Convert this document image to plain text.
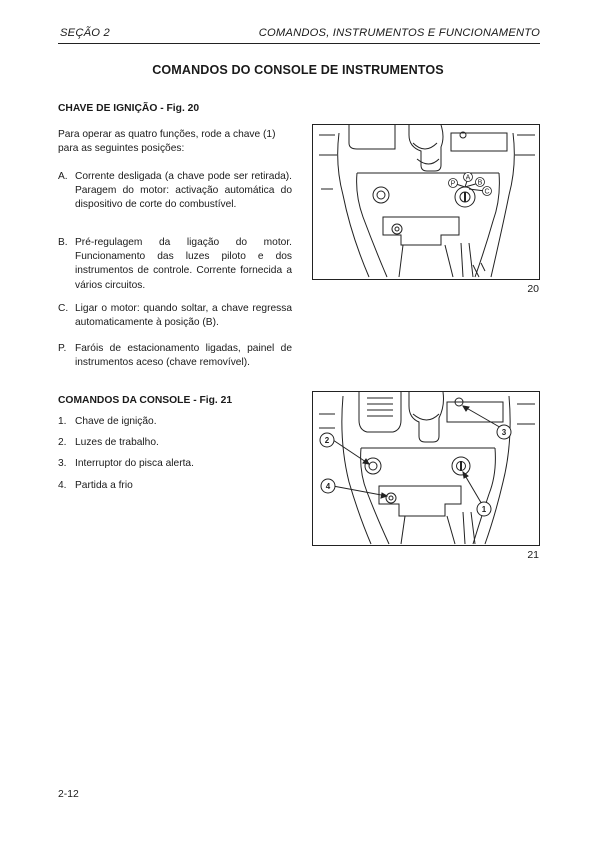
SEÇÃO 2	COMANDOS, INSTRUMENTOS E FUNCIONAMENTO
COMANDOS DO CONSOLE DE INSTRUMENTOS
CHAVE DE IGNIÇÃO - Fig. 20
Para operar as quatro funções, rode a chave (1) para as seguintes posições:
A. Corrente desligada (a chave pode ser retirada). Paragem do motor: activação automática do dispositivo de corte do combustível.
B. Pré-regulagem da ligação do motor. Funcionamento das luzes piloto e dos instrumentos de controle. Corrente fornecida a vários circuitos.
C. Ligar o motor: quando soltar, a chave regressa automaticamente à posição (B).
P. Faróis de estacionamento ligadas, painel de instrumentos aceso (chave removível).
P
A
B
C
20
COMANDOS DA CONSOLE - Fig. 21
1. Chave de ignição.
2. Luzes de trabalho.
3. Interruptor do pisca alerta.
4. Partida a frio
2
3
4
1
21
2-12
